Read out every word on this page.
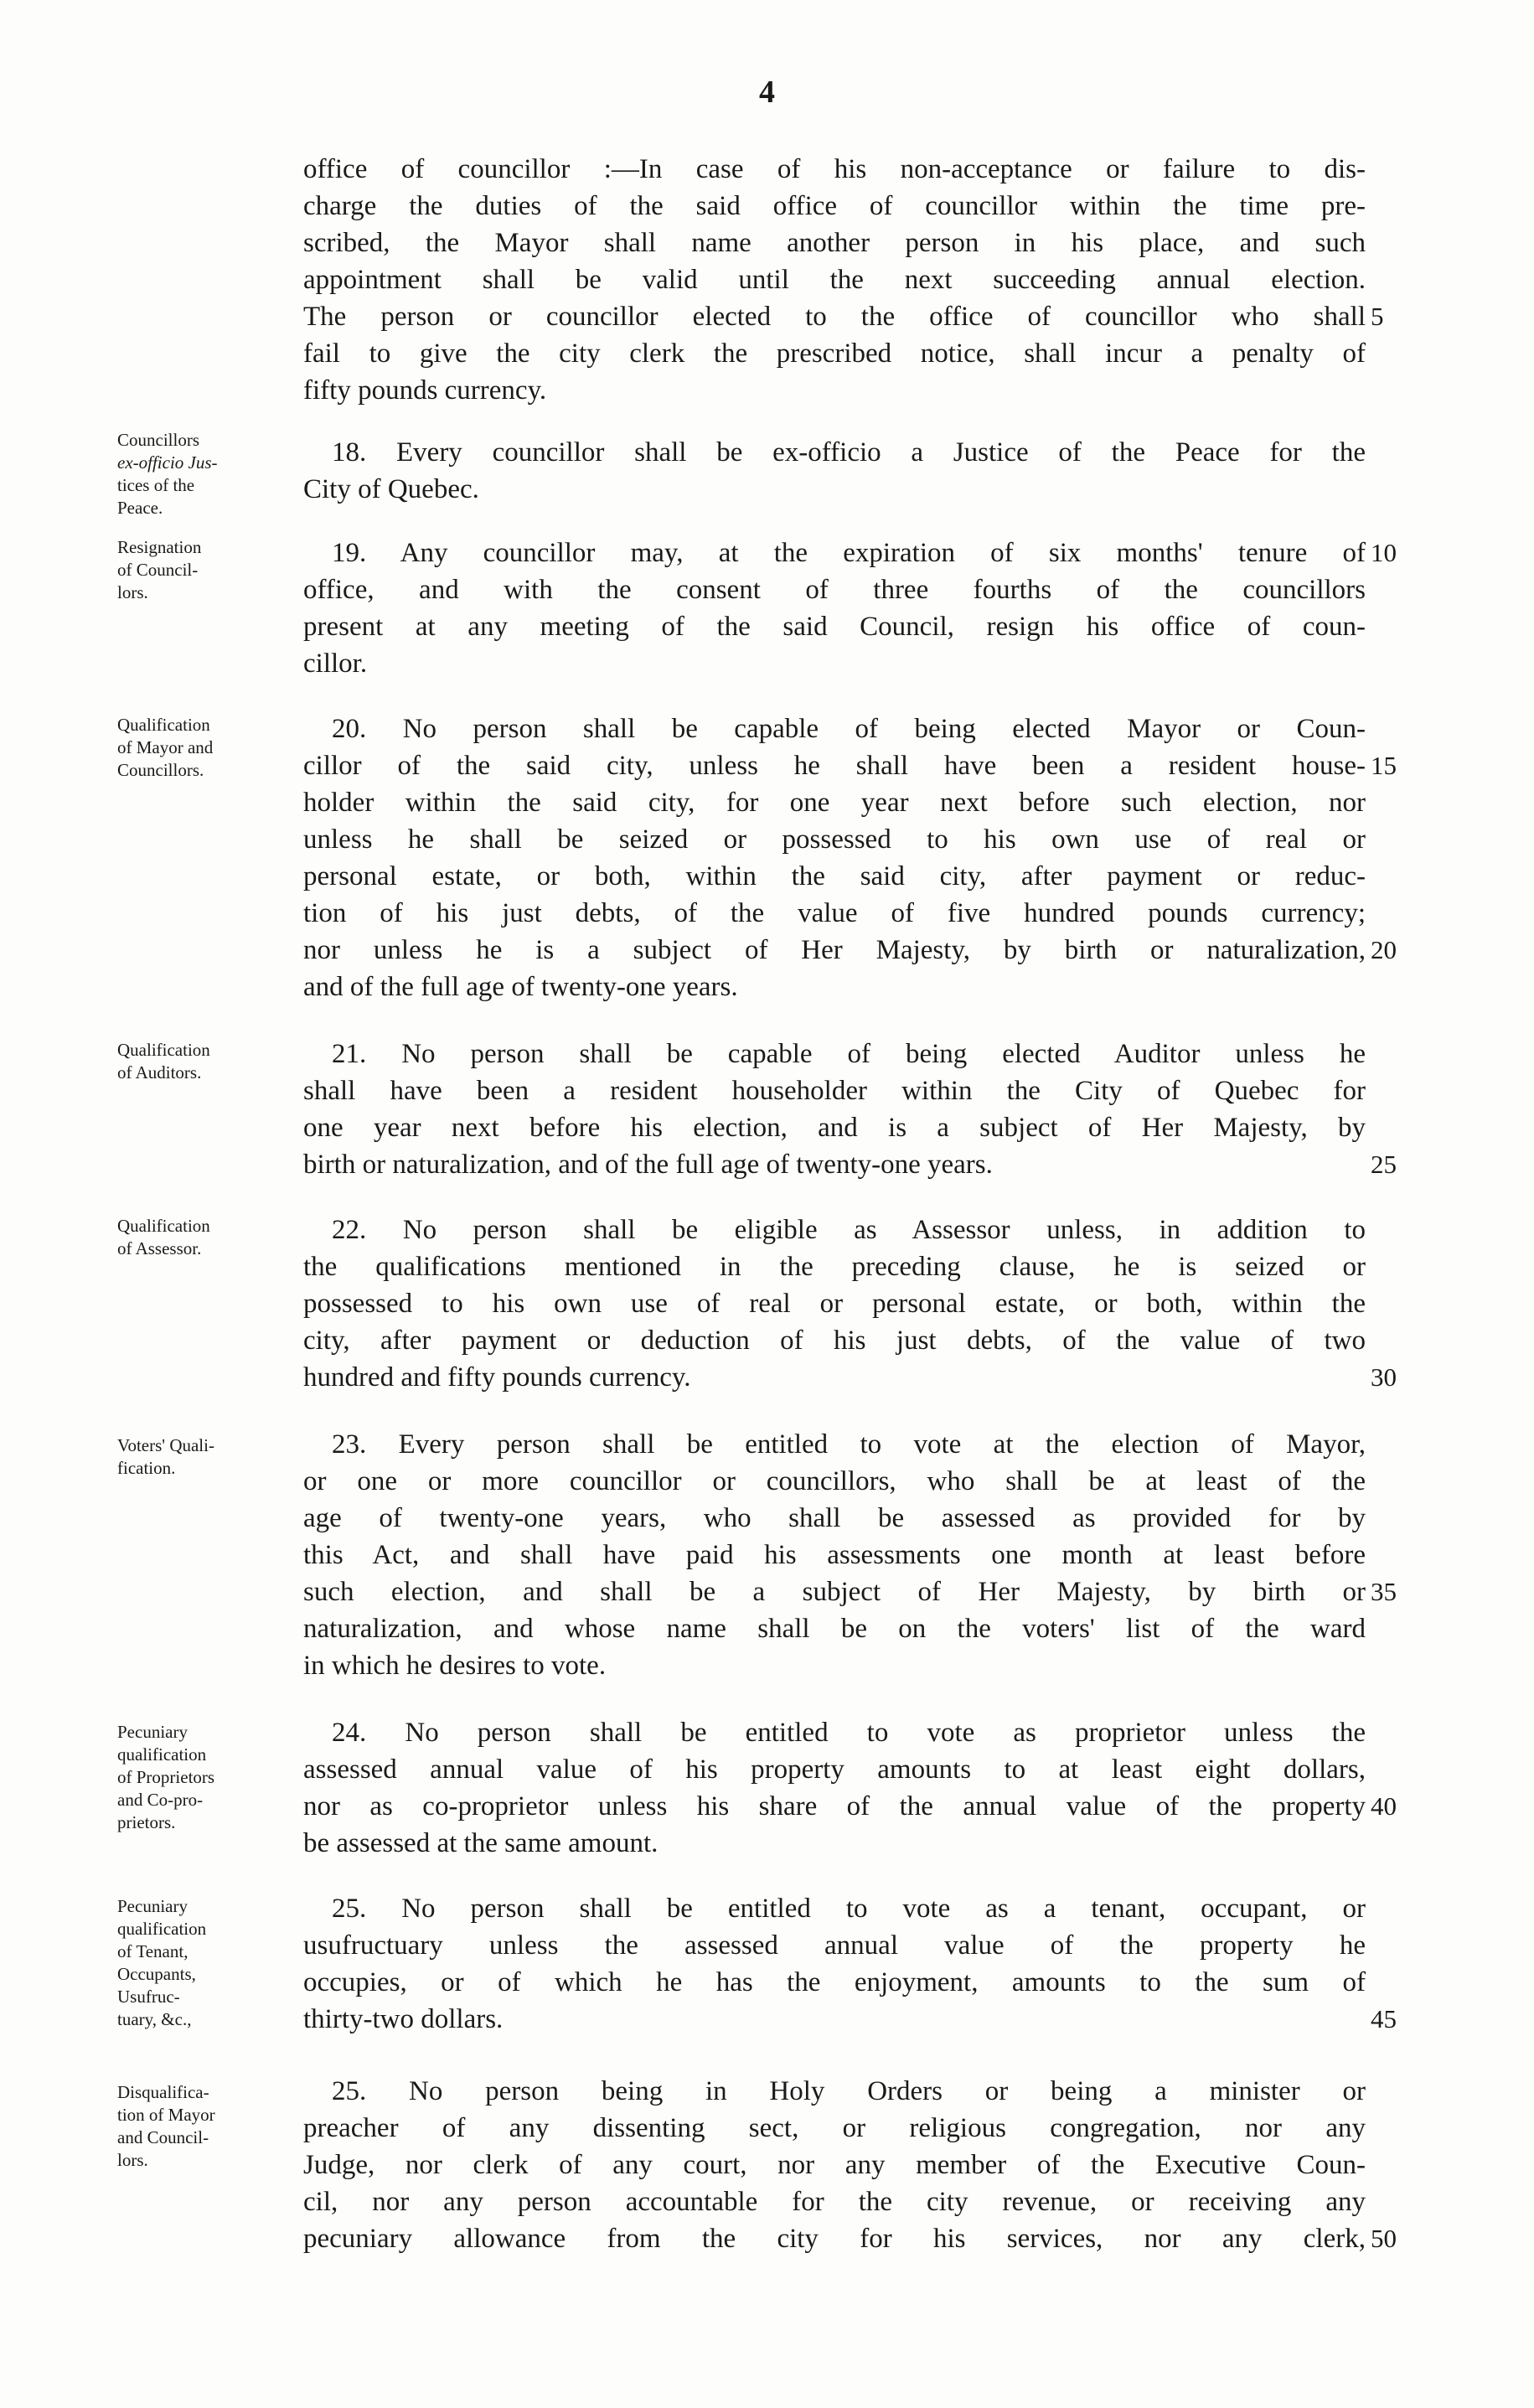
4
office of councillor :—In case of his non-acceptance or failure to dis-
charge the duties of the said office of councillor within the time pre-
scribed, the Mayor shall name another person in his place, and such
appointment shall be valid until the next succeeding annual election.
The person or councillor elected to the office of councillor who shall
fail to give the city clerk the prescribed notice, shall incur a penalty of
fifty pounds currency.
18. Every councillor shall be ex-officio a Justice of the Peace for the
City of Quebec.
19. Any councillor may, at the expiration of six months' tenure of
office, and with the consent of three fourths of the councillors
present at any meeting of the said Council, resign his office of coun-
cillor.
20. No person shall be capable of being elected Mayor or Coun-
cillor of the said city, unless he shall have been a resident house-
holder within the said city, for one year next before such election, nor
unless he shall be seized or possessed to his own use of real or
personal estate, or both, within the said city, after payment or reduc-
tion of his just debts, of the value of five hundred pounds currency;
nor unless he is a subject of Her Majesty, by birth or naturalization,
and of the full age of twenty-one years.
21. No person shall be capable of being elected Auditor unless he
shall have been a resident householder within the City of Quebec for
one year next before his election, and is a subject of Her Majesty, by
birth or naturalization, and of the full age of twenty-one years.
22. No person shall be eligible as Assessor unless, in addition to
the qualifications mentioned in the preceding clause, he is seized or
possessed to his own use of real or personal estate, or both, within the
city, after payment or deduction of his just debts, of the value of two
hundred and fifty pounds currency.
23. Every person shall be entitled to vote at the election of Mayor,
or one or more councillor or councillors, who shall be at least of the
age of twenty-one years, who shall be assessed as provided for by
this Act, and shall have paid his assessments one month at least before
such election, and shall be a subject of Her Majesty, by birth or
naturalization, and whose name shall be on the voters' list of the ward
in which he desires to vote.
24. No person shall be entitled to vote as proprietor unless the
assessed annual value of his property amounts to at least eight dollars,
nor as co-proprietor unless his share of the annual value of the property
be assessed at the same amount.
25. No person shall be entitled to vote as a tenant, occupant, or
usufructuary unless the assessed annual value of the property he
occupies, or of which he has the enjoyment, amounts to the sum of
thirty-two dollars.
25. No person being in Holy Orders or being a minister or
preacher of any dissenting sect, or religious congregation, nor any
Judge, nor clerk of any court, nor any member of the Executive Coun-
cil, nor any person accountable for the city revenue, or receiving any
pecuniary allowance from the city for his services, nor any clerk,
Councillors
ex-officio Jus-
tices of the
Peace.
Resignation
of Council-
lors.
Qualification
of Mayor and
Councillors.
Qualification
of Auditors.
Qualification
of Assessor.
Voters' Quali-
fication.
Pecuniary
qualification
of Proprietors
and Co-pro-
prietors.
Pecuniary
qualification
of Tenant,
Occupants,
Usufruc-
tuary, &c.,
Disqualifica-
tion of Mayor
and Council-
lors.
5
10
15
20
25
30
35
40
45
50
